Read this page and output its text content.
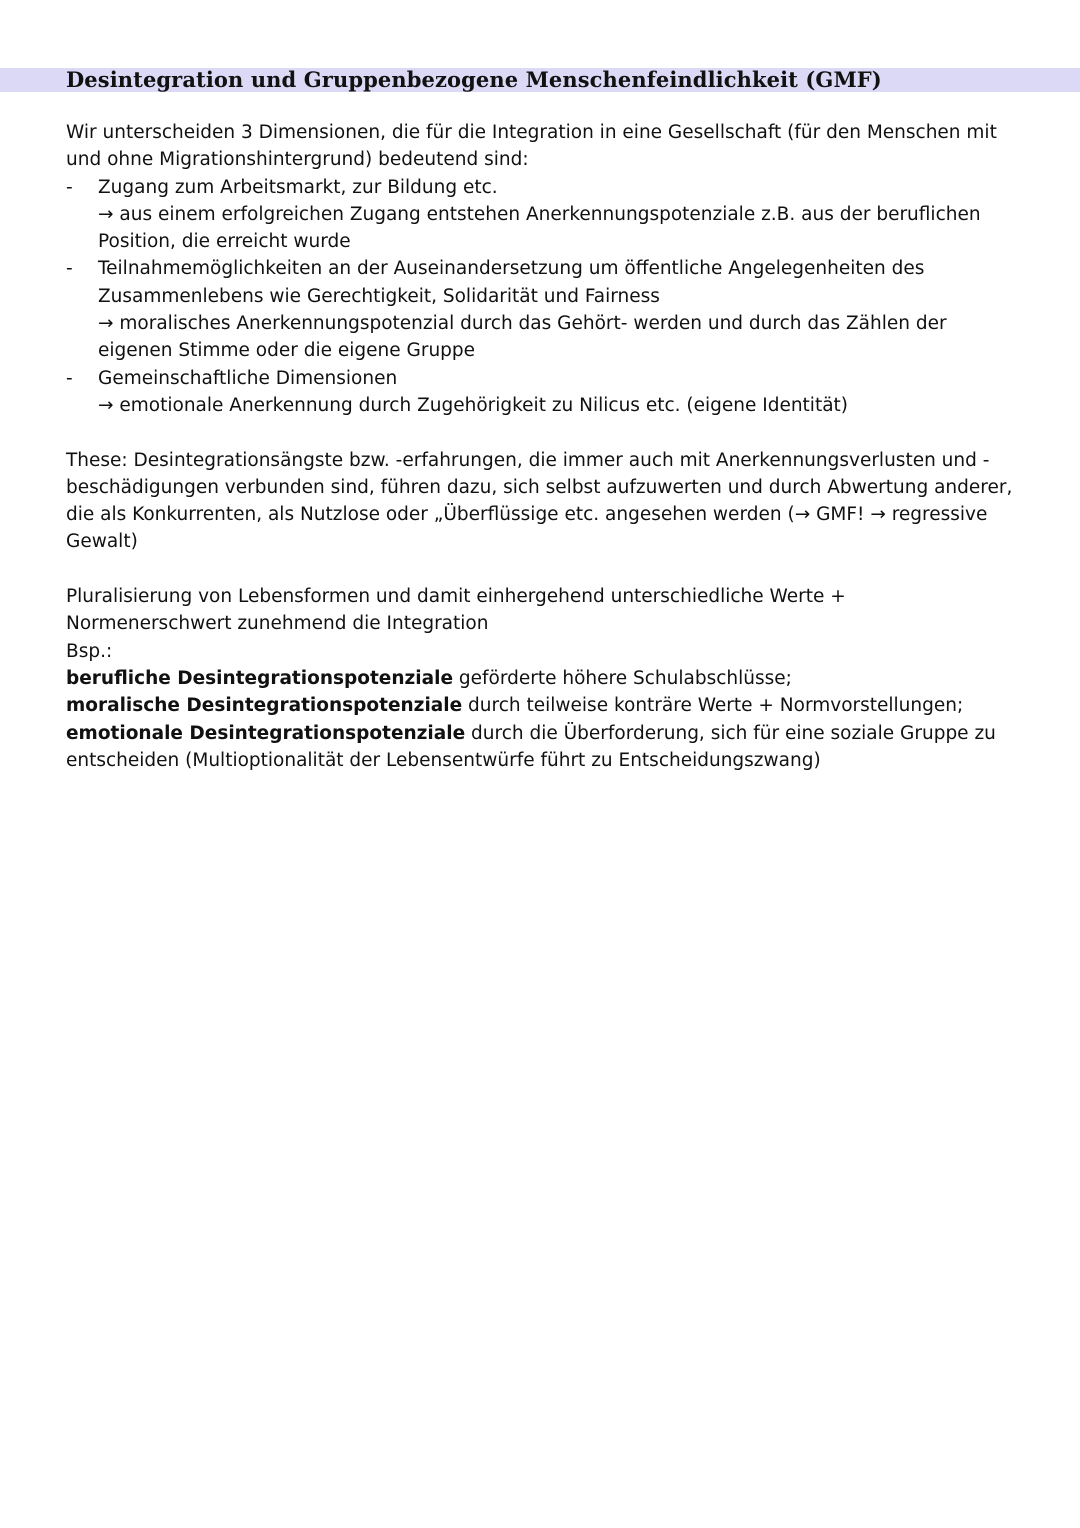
Desintegration und Gruppenbezogene Menschenfeindlichkeit (GMF)

Wir unterscheiden 3 Dimensionen, die für die Integration in eine Gesellschaft (für den Menschen mit und ohne Migrationshintergrund) bedeutend sind:

- Zugang zum Arbeitsmarkt, zur Bildung etc.

→ aus einem erfolgreichen Zugang entstehen Anerkennungspotenziale z.B. aus der beruflichen Position, die erreicht wurde

- Teilnahmemöglichkeiten an der Auseinandersetzung um öffentliche Angelegenheiten des Zusammenlebens wie Gerechtigkeit, Solidarität und Fairness

→ moralisches Anerkennungspotenzial durch das Gehört- werden und durch das Zählen der eigenen Stimme oder die eigene Gruppe

- Gemeinschaftliche Dimensionen

→ emotionale Anerkennung durch Zugehörigkeit zu Nilicus etc. (eigene Identität)

These: Desintegrationsängste bzw. -erfahrungen, die immer auch mit Anerkennungsverlusten und - beschädigungen verbunden sind, führen dazu, sich selbst aufzuwerten und durch Abwertung anderer, die als Konkurrenten, als Nutzlose oder „Überflüssige etc. angesehen werden (→ GMF! → regressive Gewalt)

Pluralisierung von Lebensformen und damit einhergehend unterschiedliche Werte + Normenerschwert zunehmend die Integration

Bsp.:

berufliche Desintegrationspotenziale geförderte höhere Schulabschlüsse;

moralische Desintegrationspotenziale durch teilweise konträre Werte + Normvorstellungen;

emotionale Desintegrationspotenziale durch die Überforderung, sich für eine soziale Gruppe zu entscheiden (Multioptionalität der Lebensentwürfe führt zu Entscheidungszwang)
